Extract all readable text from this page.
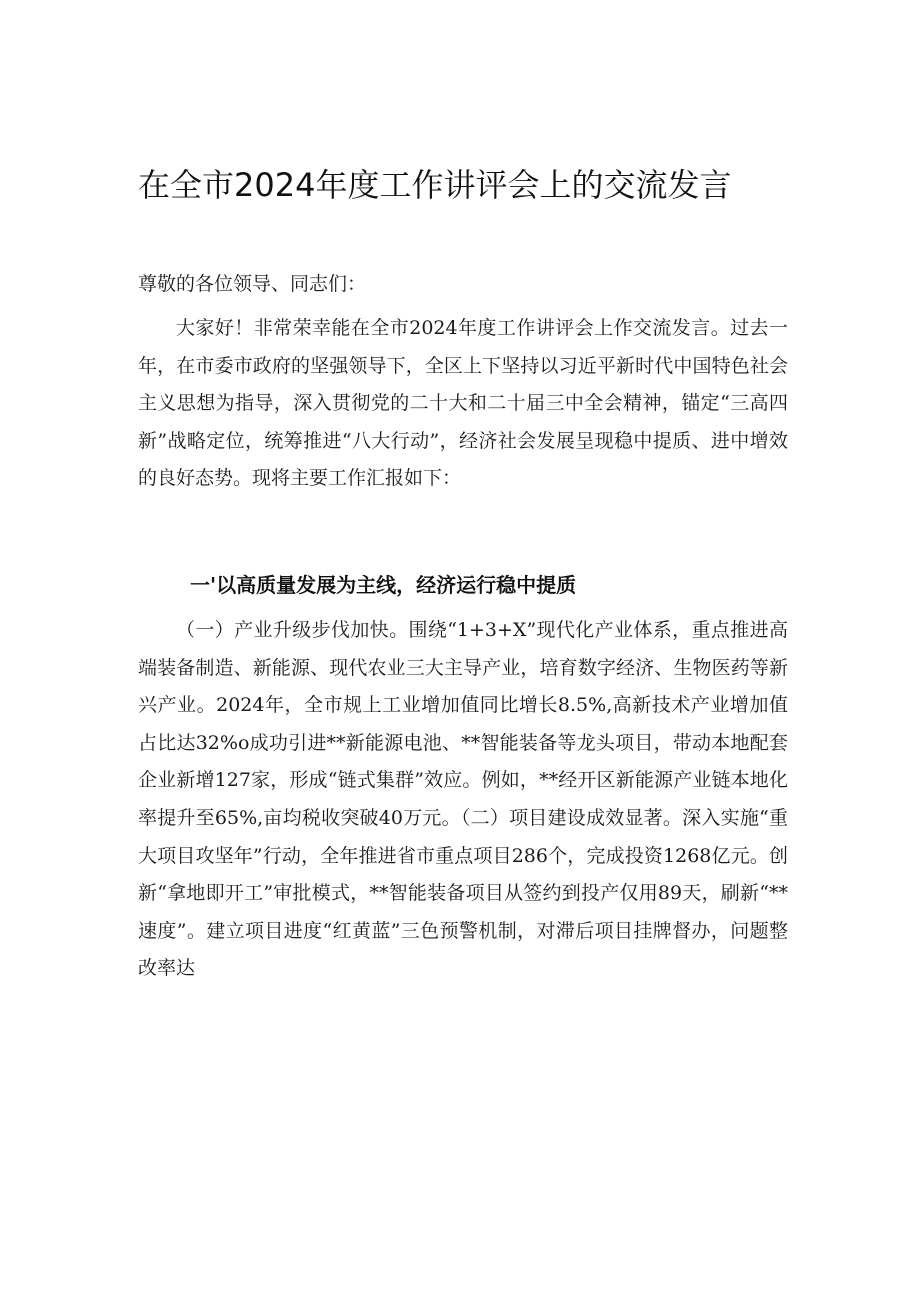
在全市2024年度工作讲评会上的交流发言

尊敬的各位领导、同志们：

大家好！非常荣幸能在全市2024年度工作讲评会上作交流发言。过去一年，在市委市政府的坚强领导下，全区上下坚持以习近平新时代中国特色社会主义思想为指导，深入贯彻党的二十大和二十届三中全会精神，锚定“三高四新”战略定位，统筹推进“八大行动”，经济社会发展呈现稳中提质、进中增效的良好态势。现将主要工作汇报如下：

一'以高质量发展为主线，经济运行稳中提质

（一）产业升级步伐加快。围绕“1+3+X”现代化产业体系，重点推进高端装备制造、新能源、现代农业三大主导产业，培育数字经济、生物医药等新兴产业。2024年，全市规上工业增加值同比增长8.5%,高新技术产业增加值占比达32%o成功引进**新能源电池、**智能装备等龙头项目，带动本地配套企业新增127家，形成“链式集群”效应。例如，**经开区新能源产业链本地化率提升至65%,亩均税收突破40万元。（二）项目建设成效显著。深入实施“重大项目攻坚年”行动，全年推进省市重点项目286个，完成投资1268亿元。创新“拿地即开工”审批模式，**智能装备项目从签约到投产仅用89天，刷新“**速度”。建立项目进度“红黄蓝”三色预警机制，对滞后项目挂牌督办，问题整改率达
